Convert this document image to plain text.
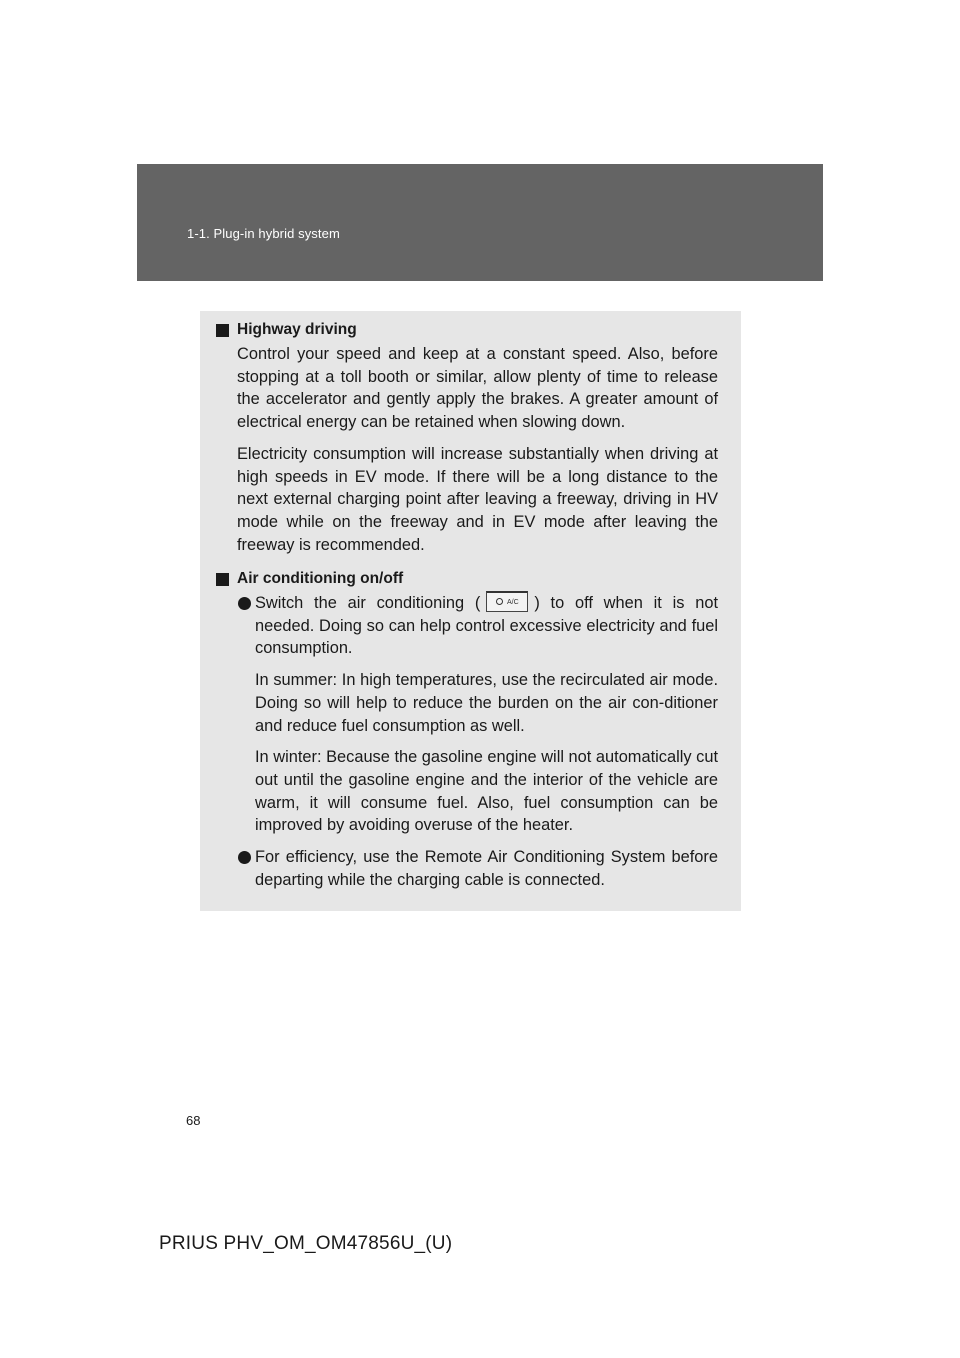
1-1. Plug-in hybrid system
Highway driving
Control your speed and keep at a constant speed. Also, before stopping at a toll booth or similar, allow plenty of time to release the accelerator and gently apply the brakes. A greater amount of electrical energy can be retained when slowing down.
Electricity consumption will increase substantially when driving at high speeds in EV mode. If there will be a long distance to the next external charging point after leaving a freeway, driving in HV mode while on the freeway and in EV mode after leaving the freeway is recommended.
Air conditioning on/off
Switch the air conditioning (	A/C ) to off when it is not needed. Doing so can help control excessive electricity and fuel consumption.
In summer: In high temperatures, use the recirculated air mode. Doing so will help to reduce the burden on the air con-ditioner and reduce fuel consumption as well.
In winter: Because the gasoline engine will not automatically cut out until the gasoline engine and the interior of the vehicle are warm, it will consume fuel. Also, fuel consumption can be improved by avoiding overuse of the heater.
For efficiency, use the Remote Air Conditioning System before departing while the charging cable is connected.
68
PRIUS PHV_OM_OM47856U_(U)
